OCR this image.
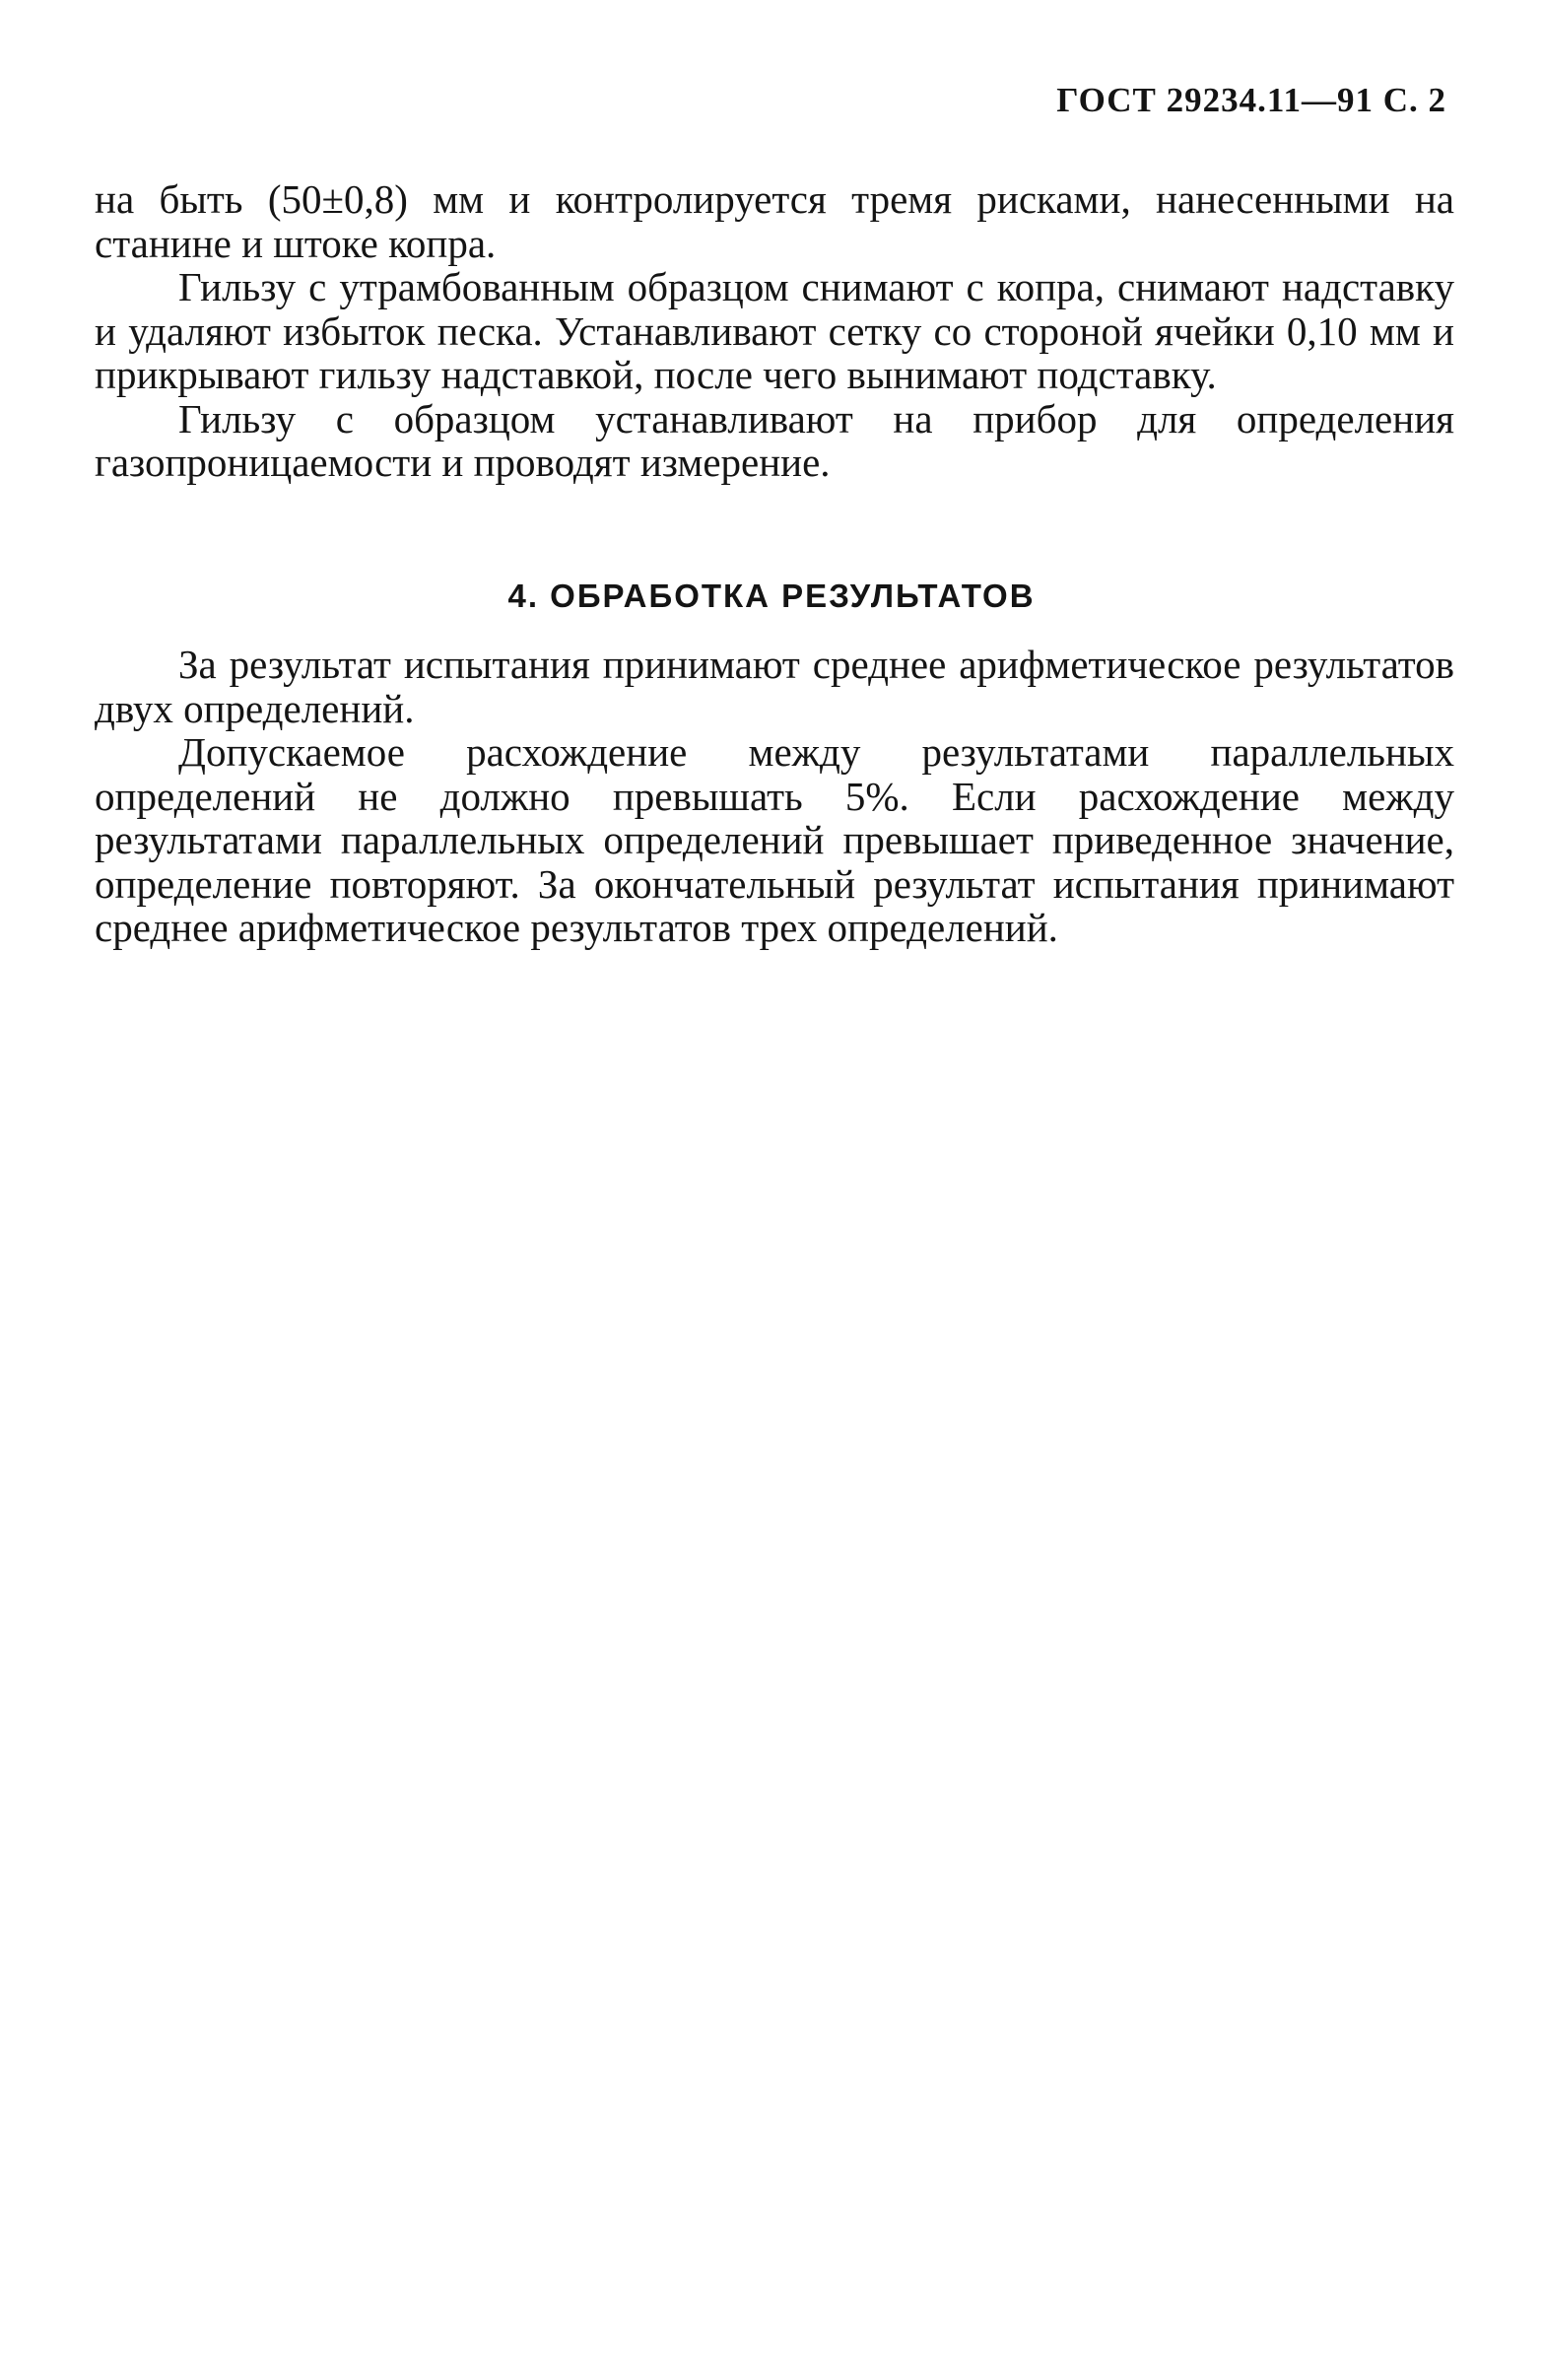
ГОСТ 29234.11—91 С. 2

на быть (50±0,8) мм и контролируется тремя рисками, нанесенными на станине и штоке копра.

Гильзу с утрамбованным образцом снимают с копра, снимают надставку и удаляют избыток песка. Устанавливают сетку со стороной ячейки 0,10 мм и прикрывают гильзу надставкой, после чего вынимают подставку.

Гильзу с образцом устанавливают на прибор для определения газопроницаемости и проводят измерение.

4. ОБРАБОТКА РЕЗУЛЬТАТОВ

За результат испытания принимают среднее арифметическое результатов двух определений.

Допускаемое расхождение между результатами параллельных определений не должно превышать 5%. Если расхождение между результатами параллельных определений превышает приведенное значение, определение повторяют. За окончательный результат испытания принимают среднее арифметическое результатов трех определений.
